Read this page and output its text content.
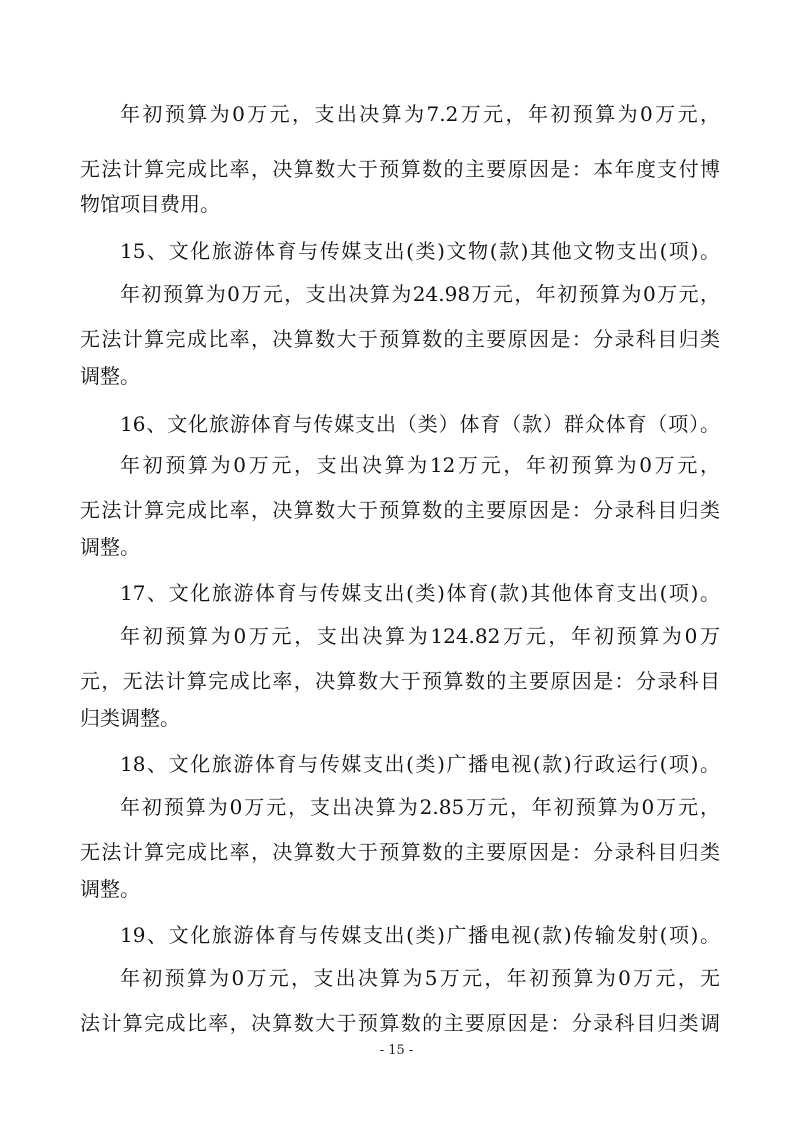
年初预算为0万元，支出决算为7.2万元，年初预算为0万元，
无法计算完成比率，决算数大于预算数的主要原因是：本年度支付博
物馆项目费用。
15、文化旅游体育与传媒支出(类)文物(款)其他文物支出(项)。
年初预算为0万元，支出决算为24.98万元，年初预算为0万元，
无法计算完成比率，决算数大于预算数的主要原因是：分录科目归类
调整。
16、文化旅游体育与传媒支出（类）体育（款）群众体育（项）。
年初预算为0万元，支出决算为12万元，年初预算为0万元，
无法计算完成比率，决算数大于预算数的主要原因是：分录科目归类
调整。
17、文化旅游体育与传媒支出(类)体育(款)其他体育支出(项)。
年初预算为0万元，支出决算为124.82万元，年初预算为0万
元，无法计算完成比率，决算数大于预算数的主要原因是：分录科目
归类调整。
18、文化旅游体育与传媒支出(类)广播电视(款)行政运行(项)。
年初预算为0万元，支出决算为2.85万元，年初预算为0万元，
无法计算完成比率，决算数大于预算数的主要原因是：分录科目归类
调整。
19、文化旅游体育与传媒支出(类)广播电视(款)传输发射(项)。
年初预算为0万元，支出决算为5万元，年初预算为0万元，无
法计算完成比率，决算数大于预算数的主要原因是：分录科目归类调
- 15 -
